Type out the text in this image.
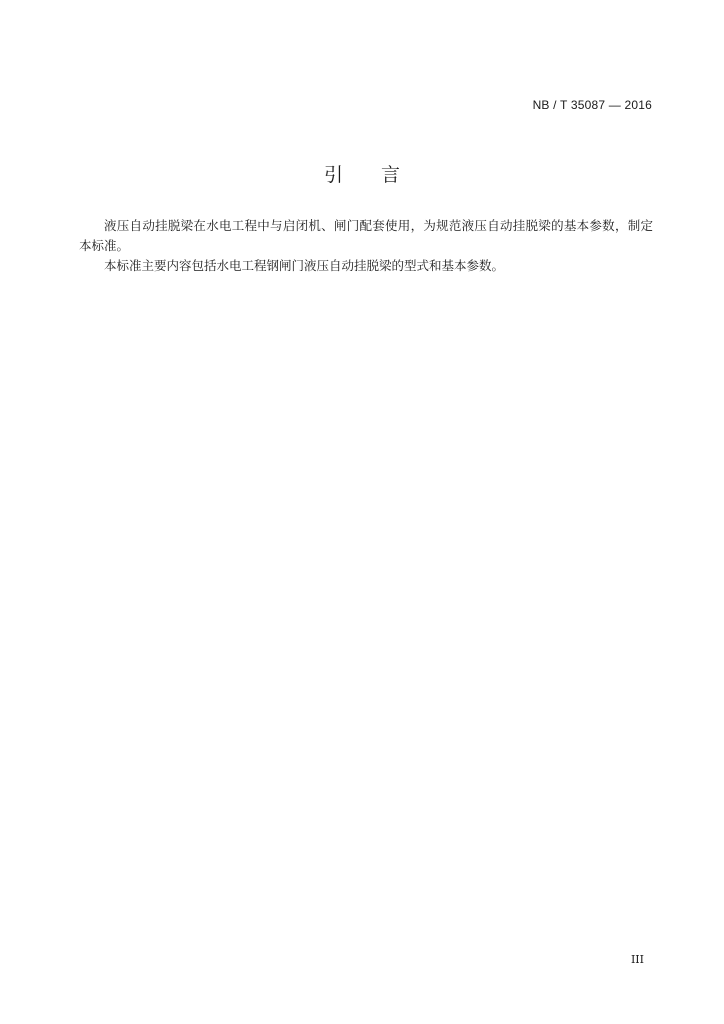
NB / T 35087 — 2016
引 言

液压自动挂脱梁在水电工程中与启闭机、闸门配套使用，为规范液压自动挂脱梁的基本参数，制定本标准。

本标准主要内容包括水电工程钢闸门液压自动挂脱梁的型式和基本参数。

III
